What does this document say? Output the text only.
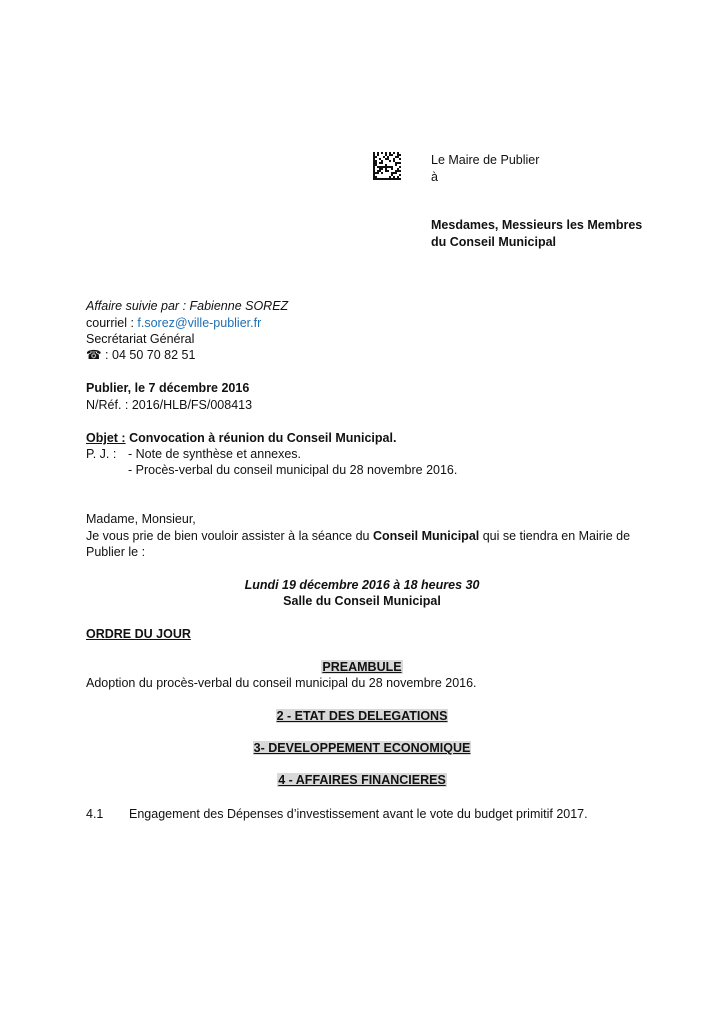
Le Maire de Publier
à
Mesdames, Messieurs les Membres
du Conseil Municipal
Affaire suivie par : Fabienne SOREZ
courriel : f.sorez@ville-publier.fr
Secrétariat Général
☎ : 04 50 70 82 51
Publier, le 7 décembre 2016
N/Réf. : 2016/HLB/FS/008413
Objet : Convocation à réunion du Conseil Municipal.
P. J. : - Note de synthèse et annexes.
- Procès-verbal du conseil municipal du 28 novembre 2016.
Madame, Monsieur,
Je vous prie de bien vouloir assister à la séance du Conseil Municipal qui se tiendra en Mairie de
Publier le :
Lundi 19 décembre 2016 à 18 heures 30
Salle du Conseil Municipal
ORDRE DU JOUR
PREAMBULE
Adoption du procès-verbal du conseil municipal du 28 novembre 2016.
2 - ETAT DES DELEGATIONS
3- DEVELOPPEMENT ECONOMIQUE
4 - AFFAIRES FINANCIERES
4.1 Engagement des Dépenses d’investissement avant le vote du budget primitif 2017.
